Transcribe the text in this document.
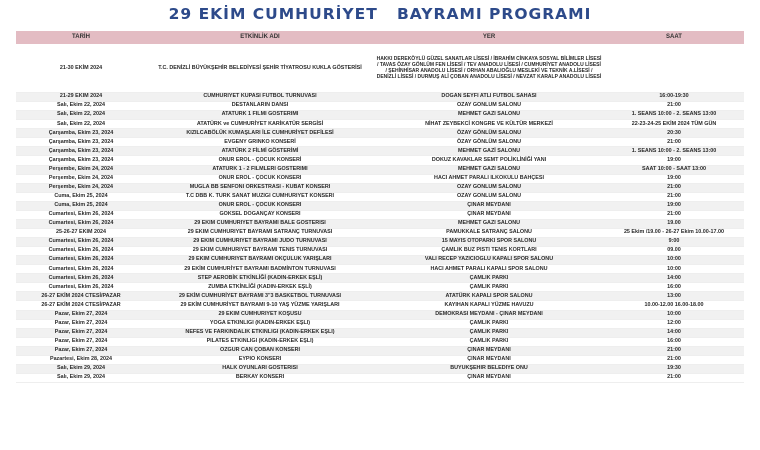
29 EKİM CUMHURİYET   BAYRAMI PROGRAMI
TARİH	ETKİNLİK ADI	YER	SAAT
21-30 EKİM 2024	T.C. DENİZLİ BÜYÜKŞEHİR BELEDİYESİ ŞEHİR TİYATROSU KUKLA GÖSTERİSİ	HAKKI DEREKÖYLÜ GÜZEL SANATLAR LİSESİ / İBRAHİM CİNKAYA SOSYAL BİLİMLER LİSESİ / TAVAS ÖZAY GÖNLÜM FEN LİSESİ / TEV ANADOLU LİSESİ / CUMHURİYET ANADOLU LİSESİ / ŞEHİNHİSAR ANADOLU LİSESİ / ORHAN ABALIOĞLU MESLEKİ VE TEKNİK A.LİSESİ / DENİZLİ LİSESİ / DURMUŞ ALİ ÇOBAN ANADOLU LİSESİ / NEVZAT KARALP ANADOLU LİSESİ	
21-29 EKİM 2024	CUMHURİYET KUPASI FUTBOL TURNUVASI	DOĞAN SEYFİ ATLI FUTBOL SAHASI	16:00-19:30
Salı, Ekim 22, 2024	DESTANLARIN DANSI	ÖZAY GÖNLÜM SALONU	21:00
Salı, Ekim 22, 2024	ATATÜRK 1 FİLMİ GÖSTERİMİ	MEHMET GAZİ SALONU	1. SEANS 10:00 - 2. SEANS 13:00
Salı, Ekim 22, 2024	ATATÜRK ve CUMHURİYET KARİKATÜR SERGİSİ	NİHAT ZEYBEKCİ KONGRE VE KÜLTÜR MERKEZİ	22-23-24-25 EKİM 2024 TÜM GÜN
Çarşamba, Ekim 23, 2024	KIZILCABÖLÜK KUMAŞLARI İLE CUMHURİYET DEFİLESİ	ÖZAY GÖNLÜM SALONU	20:30
Çarşamba, Ekim 23, 2024	EVGENY GRINKO KONSERİ	ÖZAY GÖNLÜM SALONU	21:00
Çarşamba, Ekim 23, 2024	ATATÜRK 2 FİLMİ GÖSTERİMİ	MEHMET GAZİ SALONU	1. SEANS 10:00 - 2. SEANS 13:00
Çarşamba, Ekim 23, 2024	ONUR EROL - ÇOCUK KONSERİ	DOKUZ KAVAKLAR SEMT POLİKLİNİĞİ YANI	19:00
Perşembe, Ekim 24, 2024	ATATÜRK 1 - 2 FİLMLERİ GÖSTERİMİ	MEHMET GAZİ SALONU	SAAT 10:00 - SAAT 13:00
Perşembe, Ekim 24, 2024	ONUR EROL - ÇOCUK KONSERİ	HACI AHMET PARALI İLKOKULU BAHÇESİ	19:00
Perşembe, Ekim 24, 2024	MUĞLA BB SENFONİ ORKESTRASI - KUBAT KONSERİ	ÖZAY GÖNLÜM SALONU	21:00
Cuma, Ekim 25, 2024	T.C DBB K. TÜRK SANAT MÜZİĞİ CUMHURİYET KONSERİ	ÖZAY GÖNLÜM SALONU	21:00
Cuma, Ekim 25, 2024	ONUR EROL - ÇOCUK KONSERİ	ÇINAR MEYDANI	19:00
Cumartesi, Ekim 26, 2024	GÖKSEL DOĞANÇAY KONSERİ	ÇINAR MEYDANI	21:00
Cumartesi, Ekim 26, 2024	29 EKİM CUMHURİYET BAYRAMI BALE GÖSTERİSİ	MEHMET GAZİ SALONU	19.00
25-26-27 EKİM 2024	29 EKİM CUMHURİYET BAYRAMI SATRANÇ TURNUVASI	PAMUKKALE SATRANÇ SALONU	25 Ekim /19.00 - 26-27 Ekim 10.00-17.00
Cumartesi, Ekim 26, 2024	29 EKİM CUMHURİYET BAYRAMI JUDO TURNUVASI	15 MAYIS OTOPARKI SPOR SALONU	9:00
Cumartesi, Ekim 26, 2024	29 EKİM CUMHURİYET BAYRAMI TENİS TURNUVASI	ÇAMLIK BUZ PİSTİ TENİS KORTLARI	09.00
Cumartesi, Ekim 26, 2024	29 EKİM CUMHURİYET BAYRAMI OKÇULUK YARIŞLARI	VALİ RECEP YAZICIOĞLU KAPALI SPOR SALONU	10:00
Cumartesi, Ekim 26, 2024	29 EKİM CUMHURİYET BAYRAMI BADMİNTON TURNUVASI	HACI AHMET PARALI KAPALI SPOR SALONU	10:00
Cumartesi, Ekim 26, 2024	STEP AEROBİK ETKİNLİĞİ (KADIN-ERKEK EŞLİ)	ÇAMLIK PARKI	14:00
Cumartesi, Ekim 26, 2024	ZUMBA ETKİNLİĞİ (KADIN-ERKEK EŞLİ)	ÇAMLIK PARKI	16:00
26-27 EKİM 2024 CTESİ/PAZAR	29 EKİM CUMHURİYET BAYRAMI 3"3 BASKETBOL TURNUVASI	ATATÜRK KAPALI SPOR SALONU	13:00
26-27 EKİM 2024 CTESİ/PAZAR	29 EKİM CUMHURİYET BAYRAMI 9-10 YAŞ YÜZME YARIŞLARI	KAYIHAN KAPALI YÜZME HAVUZU	10.00-12.00 16.00-18.00
Pazar, Ekim 27, 2024	29 EKİM CUMHURİYET KOŞUSU	DEMOKRASİ MEYDANI - ÇINAR MEYDANI	10:00
Pazar, Ekim 27, 2024	YOGA ETKİNLİĞİ (KADIN-ERKEK EŞLİ)	ÇAMLIK PARKI	12:00
Pazar, Ekim 27, 2024	NEFES VE FARKINDALIK ETKİNLİĞİ (KADIN-ERKEK EŞLİ)	ÇAMLIK PARKI	14:00
Pazar, Ekim 27, 2024	PİLATES ETKİNLİĞİ (KADIN-ERKEK EŞLİ)	ÇAMLIK PARKI	16:00
Pazar, Ekim 27, 2024	ÖZGÜR CAN ÇOBAN KONSERİ	ÇINAR MEYDANI	21:00
Pazartesi, Ekim 28, 2024	EYPİO KONSERİ	ÇINAR MEYDANI	21:00
Salı, Ekim 29, 2024	HALK OYUNLARI GÖSTERİSİ	BÜYÜKŞEHİR BELEDİYE ÖNÜ	19:30
Salı, Ekim 29, 2024	BERKAY KONSERİ	ÇINAR MEYDANI	21:00
